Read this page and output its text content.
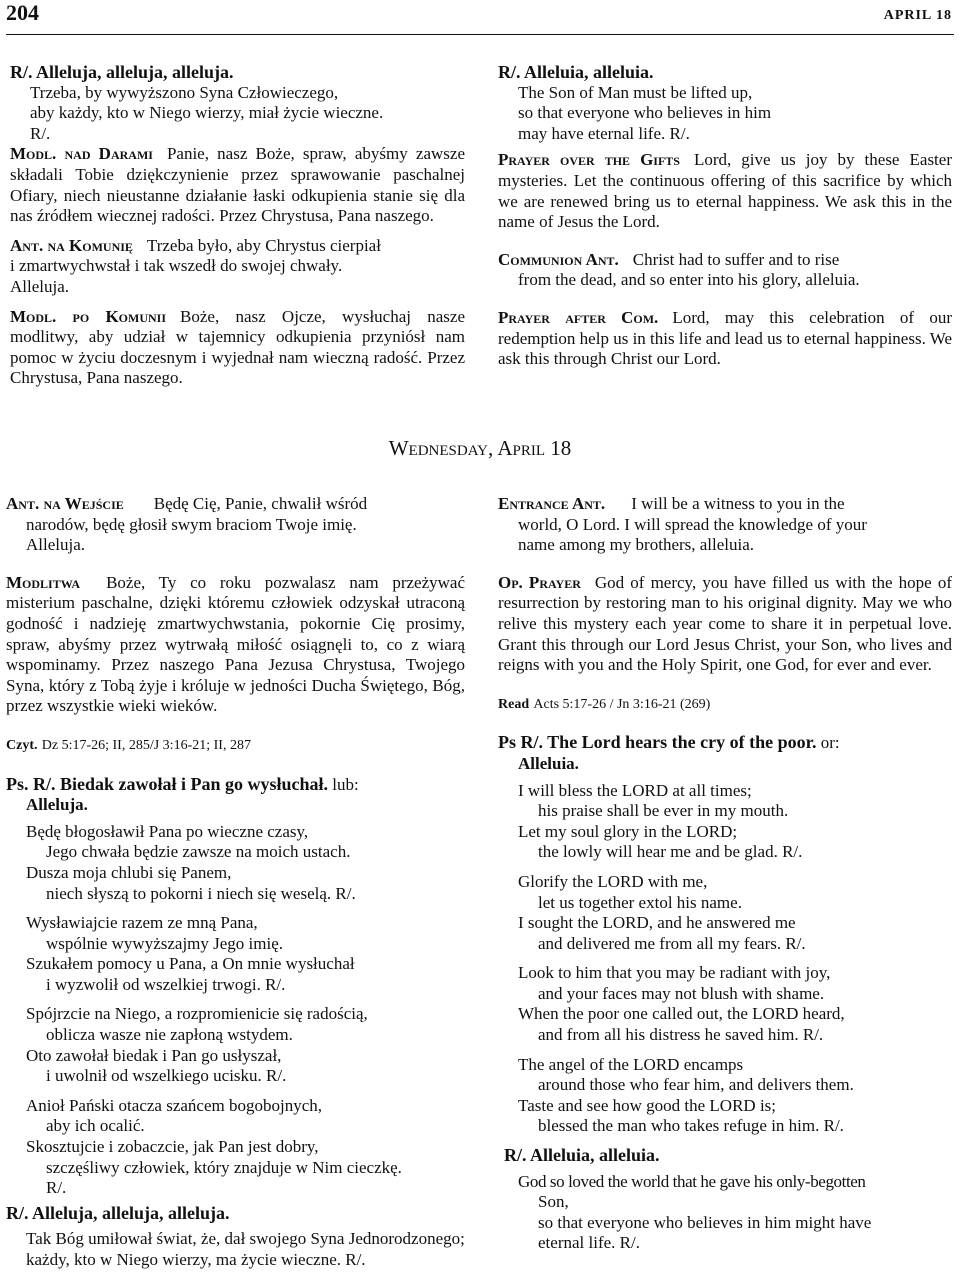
204	APRIL 18

R/. Alleluja, alleluja, alleluja.

Trzeba, by wywyższono Syna Człowieczego,

aby każdy, kto w Niego wierzy, miał życie wieczne.

R/.

Modl. nad Darami Panie, nasz Boże, spraw, abyśmy zawsze składali Tobie dziękczynienie przez sprawowanie paschalnej Ofiary, niech nieustanne działanie łaski odkupienia stanie się dla nas źródłem wiecznej radości. Przez Chrystusa, Pana naszego.

Ant. na Komunię Trzeba było, aby Chrystus cierpiał

i zmartwychwstał i tak wszedł do swojej chwały.

Alleluja.

Modl. po Komunii Boże, nasz Ojcze, wysłuchaj nasze modlitwy, aby udział w tajemnicy odkupienia przyniósł nam pomoc w życiu doczesnym i wyjednał nam wieczną radość. Przez Chrystusa, Pana naszego.

R/. Alleluia, alleluia.

The Son of Man must be lifted up,

so that everyone who believes in him

may have eternal life. R/.

Prayer over the Gifts Lord, give us joy by these Easter mysteries. Let the continuous offering of this sacrifice by which we are renewed bring us to eternal happiness. We ask this in the name of Jesus the Lord.

Communion Ant. Christ had to suffer and to rise

from the dead, and so enter into his glory, alleluia.

Prayer after Com. Lord, may this celebration of our redemption help us in this life and lead us to eternal happiness. We ask this through Christ our Lord.

Wednesday, April 18

Ant. na Wejście Będę Cię, Panie, chwalił wśród

narodów, będę głosił swym braciom Twoje imię.

Alleluja.

Modlitwa Boże, Ty co roku pozwalasz nam przeżywać misterium paschalne, dzięki któremu człowiek odzyskał utraconą godność i nadzieję zmartwychwstania, pokornie Cię prosimy, spraw, abyśmy przez wytrwałą miłość osiągnęli to, co z wiarą wspominamy. Przez naszego Pana Jezusa Chrystusa, Twojego Syna, który z Tobą żyje i króluje w jedności Ducha Świętego, Bóg, przez wszystkie wieki wieków.

Czyt. Dz 5:17-26; II, 285/J 3:16-21; II, 287

Ps. R/. Biedak zawołał i Pan go wysłuchał. lub:

Alleluja.

Będę błogosławił Pana po wieczne czasy,

Jego chwała będzie zawsze na moich ustach.

Dusza moja chlubi się Panem,

niech słyszą to pokorni i niech się weselą. R/.

Wysławiajcie razem ze mną Pana,

wspólnie wywyższajmy Jego imię.

Szukałem pomocy u Pana, a On mnie wysłuchał

i wyzwolił od wszelkiej trwogi. R/.

Spójrzcie na Niego, a rozpromienicie się radością,

oblicza wasze nie zapłoną wstydem.

Oto zawołał biedak i Pan go usłyszał,

i uwolnił od wszelkiego ucisku. R/.

Anioł Pański otacza szańcem bogobojnych,

aby ich ocalić.

Skosztujcie i zobaczcie, jak Pan jest dobry,

szczęśliwy człowiek, który znajduje w Nim cieczkę.

R/.

R/. Alleluja, alleluja, alleluja.

Tak Bóg umiłował świat, że, dał swojego Syna Jednorodzonego;

każdy, kto w Niego wierzy, ma życie wieczne. R/.

Entrance Ant. I will be a witness to you in the

world, O Lord. I will spread the knowledge of your

name among my brothers, alleluia.

Op. Prayer God of mercy, you have filled us with the hope of resurrection by restoring man to his original dignity. May we who relive this mystery each year come to share it in perpetual love. Grant this through our Lord Jesus Christ, your Son, who lives and reigns with you and the Holy Spirit, one God, for ever and ever.

Read Acts 5:17-26 / Jn 3:16-21 (269)

Ps R/. The Lord hears the cry of the poor. or:

Alleluia.

I will bless the LORD at all times;

his praise shall be ever in my mouth.

Let my soul glory in the LORD;

the lowly will hear me and be glad. R/.

Glorify the LORD with me,

let us together extol his name.

I sought the LORD, and he answered me

and delivered me from all my fears. R/.

Look to him that you may be radiant with joy,

and your faces may not blush with shame.

When the poor one called out, the LORD heard,

and from all his distress he saved him. R/.

The angel of the LORD encamps

around those who fear him, and delivers them.

Taste and see how good the LORD is;

blessed the man who takes refuge in him. R/.

R/. Alleluia, alleluia.

God so loved the world that he gave his only-begotten

Son,

so that everyone who believes in him might have

eternal life. R/.
